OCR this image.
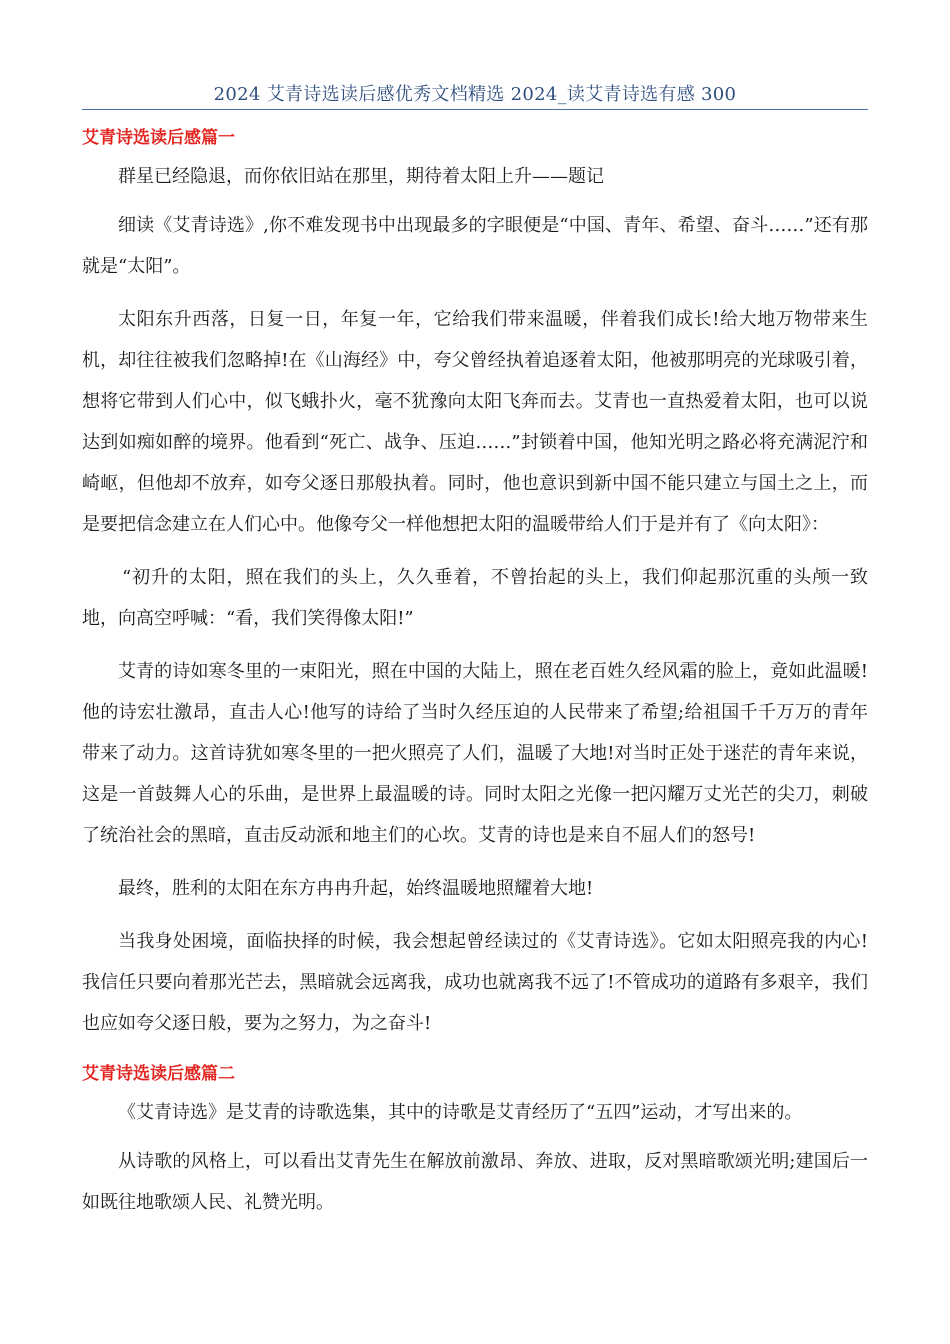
2024 艾青诗选读后感优秀文档精选 2024_读艾青诗选有感 300
艾青诗选读后感篇一

群星已经隐退，而你依旧站在那里，期待着太阳上升——题记

细读《艾青诗选》,你不难发现书中出现最多的字眼便是“中国、青年、希望、奋斗……”还有那就是“太阳”。

太阳东升西落，日复一日，年复一年，它给我们带来温暖，伴着我们成长!给大地万物带来生机，却往往被我们忽略掉!在《山海经》中，夸父曾经执着追逐着太阳，他被那明亮的光球吸引着，想将它带到人们心中，似飞蛾扑火，毫不犹豫向太阳飞奔而去。艾青也一直热爱着太阳，也可以说达到如痴如醉的境界。他看到“死亡、战争、压迫……”封锁着中国，他知光明之路必将充满泥泞和崎岖，但他却不放弃，如夸父逐日那般执着。同时，他也意识到新中国不能只建立与国土之上，而是要把信念建立在人们心中。他像夸父一样他想把太阳的温暖带给人们于是并有了《向太阳》：

“初升的太阳，照在我们的头上，久久垂着，不曾抬起的头上，我们仰起那沉重的头颅一致地，向高空呼喊：“看，我们笑得像太阳!”

艾青的诗如寒冬里的一束阳光，照在中国的大陆上，照在老百姓久经风霜的脸上，竟如此温暖!他的诗宏壮激昂，直击人心!他写的诗给了当时久经压迫的人民带来了希望;给祖国千千万万的青年带来了动力。这首诗犹如寒冬里的一把火照亮了人们，温暖了大地!对当时正处于迷茫的青年来说，这是一首鼓舞人心的乐曲，是世界上最温暖的诗。同时太阳之光像一把闪耀万丈光芒的尖刀，刺破了统治社会的黑暗，直击反动派和地主们的心坎。艾青的诗也是来自不屈人们的怒号!

最终，胜利的太阳在东方冉冉升起，始终温暖地照耀着大地!

当我身处困境，面临抉择的时候，我会想起曾经读过的《艾青诗选》。它如太阳照亮我的内心!我信任只要向着那光芒去，黑暗就会远离我，成功也就离我不远了!不管成功的道路有多艰辛，我们也应如夸父逐日般，要为之努力，为之奋斗!

艾青诗选读后感篇二

《艾青诗选》是艾青的诗歌选集，其中的诗歌是艾青经历了“五四”运动，才写出来的。

从诗歌的风格上，可以看出艾青先生在解放前激昂、奔放、进取，反对黑暗歌颂光明;建国后一如既往地歌颂人民、礼赞光明。
